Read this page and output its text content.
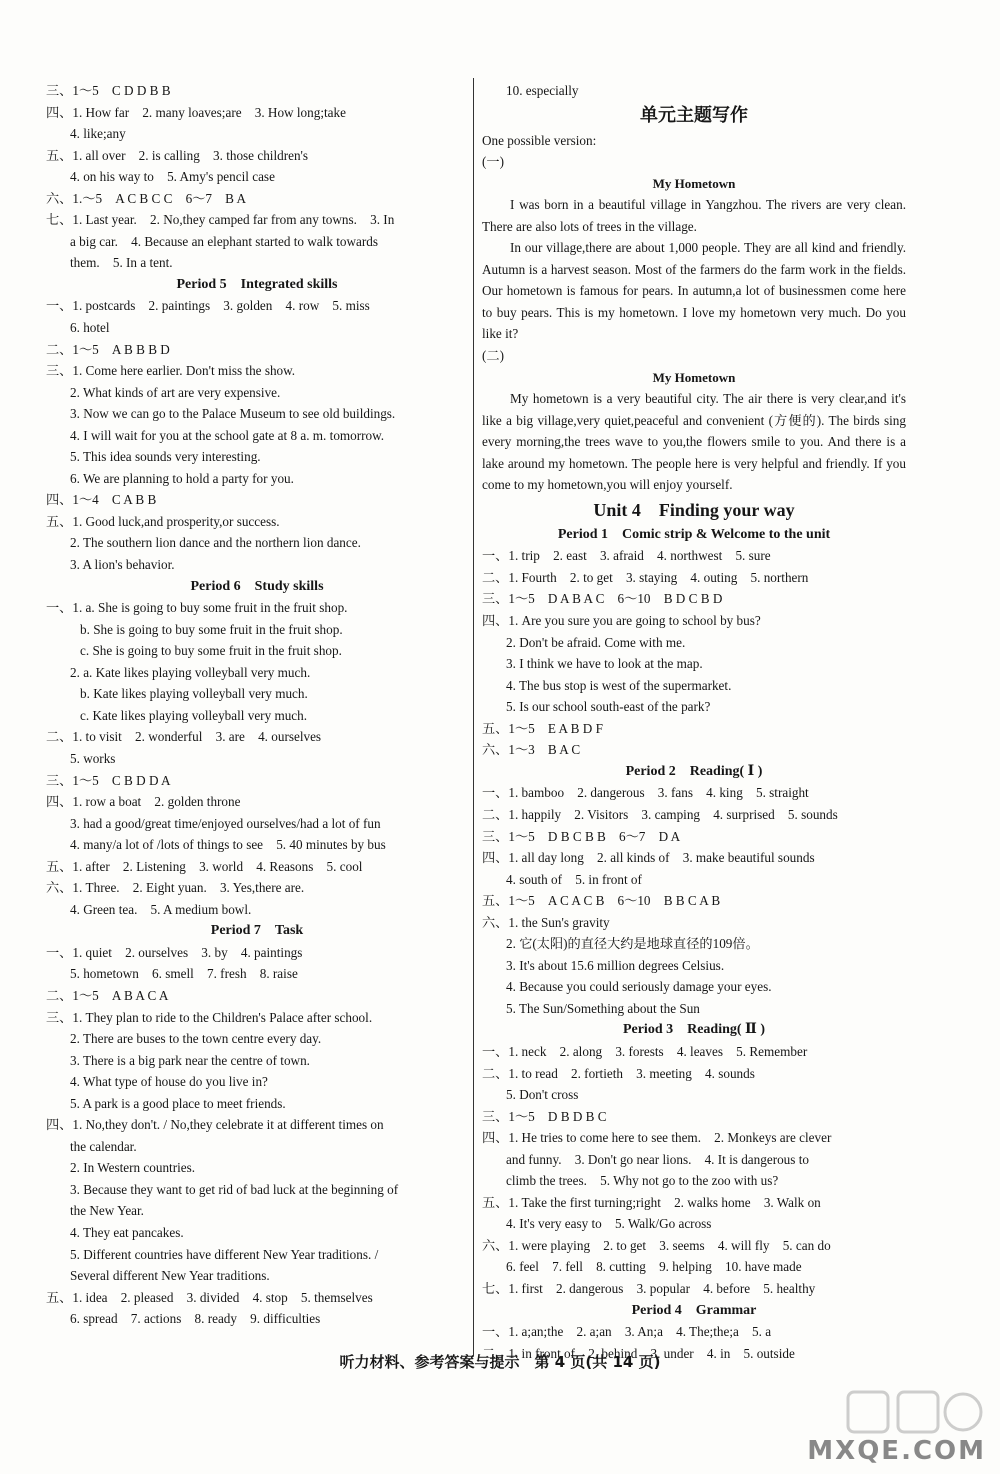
三、1～5　C D D B B
四、1. How far　2. many loaves;are　3. How long;take
4. like;any
五、1. all over　2. is calling　3. those children's
4. on his way to　5. Amy's pencil case
六、1.～5　A C B C C　6～7　B A
七、1. Last year.　2. No,they camped far from any towns.　3. In
a big car.　4. Because an elephant started to walk towards
them.　5. In a tent.
Period 5　Integrated skills
一、1. postcards　2. paintings　3. golden　4. row　5. miss
6. hotel
二、1～5　A B B B D
三、1. Come here earlier. Don't miss the show.
2. What kinds of art are very expensive.
3. Now we can go to the Palace Museum to see old buildings.
4. I will wait for you at the school gate at 8 a. m. tomorrow.
5. This idea sounds very interesting.
6. We are planning to hold a party for you.
四、1～4　C A B B
五、1. Good luck,and prosperity,or success.
2. The southern lion dance and the northern lion dance.
3. A lion's behavior.
Period 6　Study skills
一、1. a. She is going to buy some fruit in the fruit shop.
b. She is going to buy some fruit in the fruit shop.
c. She is going to buy some fruit in the fruit shop.
2. a. Kate likes playing volleyball very much.
b. Kate likes playing volleyball very much.
c. Kate likes playing volleyball very much.
二、1. to visit　2. wonderful　3. are　4. ourselves
5. works
三、1～5　C B D D A
四、1. row a boat　2. golden throne
3. had a good/great time/enjoyed ourselves/had a lot of fun
4. many/a lot of /lots of things to see　5. 40 minutes by bus
五、1. after　2. Listening　3. world　4. Reasons　5. cool
六、1. Three.　2. Eight yuan.　3. Yes,there are.
4. Green tea.　5. A medium bowl.
Period 7　Task
一、1. quiet　2. ourselves　3. by　4. paintings
5. hometown　6. smell　7. fresh　8. raise
二、1～5　A B A C A
三、1. They plan to ride to the Children's Palace after school.
2. There are buses to the town centre every day.
3. There is a big park near the centre of town.
4. What type of house do you live in?
5. A park is a good place to meet friends.
四、1. No,they don't. / No,they celebrate it at different times on
the calendar.
2. In Western countries.
3. Because they want to get rid of bad luck at the beginning of
the New Year.
4. They eat pancakes.
5. Different countries have different New Year traditions. /
Several different New Year traditions.
五、1. idea　2. pleased　3. divided　4. stop　5. themselves
6. spread　7. actions　8. ready　9. difficulties
10. especially
单元主题写作
One possible version:
(一)
My Hometown
I was born in a beautiful village in Yangzhou. The rivers are very clean. There are also lots of trees in the village.
In our village,there are about 1,000 people. They are all kind and friendly. Autumn is a harvest season. Most of the farmers do the farm work in the fields. Our hometown is famous for pears. In autumn,a lot of businessmen come here to buy pears. This is my hometown. I love my hometown very much. Do you like it?
(二)
My Hometown
My hometown is a very beautiful city. The air there is very clear,and it's like a big village,very quiet,peaceful and convenient (方便的). The birds sing every morning,the trees wave to you,the flowers smile to you. And there is a lake around my hometown. The people here is very helpful and friendly. If you come to my hometown,you will enjoy yourself.
Unit 4　Finding your way
Period 1　Comic strip & Welcome to the unit
一、1. trip　2. east　3. afraid　4. northwest　5. sure
二、1. Fourth　2. to get　3. staying　4. outing　5. northern
三、1～5　D A B A C　6～10　B D C B D
四、1. Are you sure you are going to school by bus?
2. Don't be afraid. Come with me.
3. I think we have to look at the map.
4. The bus stop is west of the supermarket.
5. Is our school south-east of the park?
五、1～5　E A B D F
六、1～3　B A C
Period 2　Reading( Ⅰ )
一、1. bamboo　2. dangerous　3. fans　4. king　5. straight
二、1. happily　2. Visitors　3. camping　4. surprised　5. sounds
三、1～5　D B C B B　6～7　D A
四、1. all day long　2. all kinds of　3. make beautiful sounds
4. south of　5. in front of
五、1～5　A C A C B　6～10　B B C A B
六、1. the Sun's gravity
2. 它(太阳)的直径大约是地球直径的109倍。
3. It's about 15.6 million degrees Celsius.
4. Because you could seriously damage your eyes.
5. The Sun/Something about the Sun
Period 3　Reading( Ⅱ )
一、1. neck　2. along　3. forests　4. leaves　5. Remember
二、1. to read　2. fortieth　3. meeting　4. sounds
5. Don't cross
三、1～5　D B D B C
四、1. He tries to come here to see them.　2. Monkeys are clever
and funny.　3. Don't go near lions.　4. It is dangerous to
climb the trees.　5. Why not go to the zoo with us?
五、1. Take the first turning;right　2. walks home　3. Walk on
4. It's very easy to　5. Walk/Go across
六、1. were playing　2. to get　3. seems　4. will fly　5. can do
6. feel　7. fell　8. cutting　9. helping　10. have made
七、1. first　2. dangerous　3. popular　4. before　5. healthy
Period 4　Grammar
一、1. a;an;the　2. a;an　3. An;a　4. The;the;a　5. a
二、1. in front of　2. behind　3. under　4. in　5. outside
听力材料、参考答案与提示　第 4 页(共 14 页)
MXQE.COM
